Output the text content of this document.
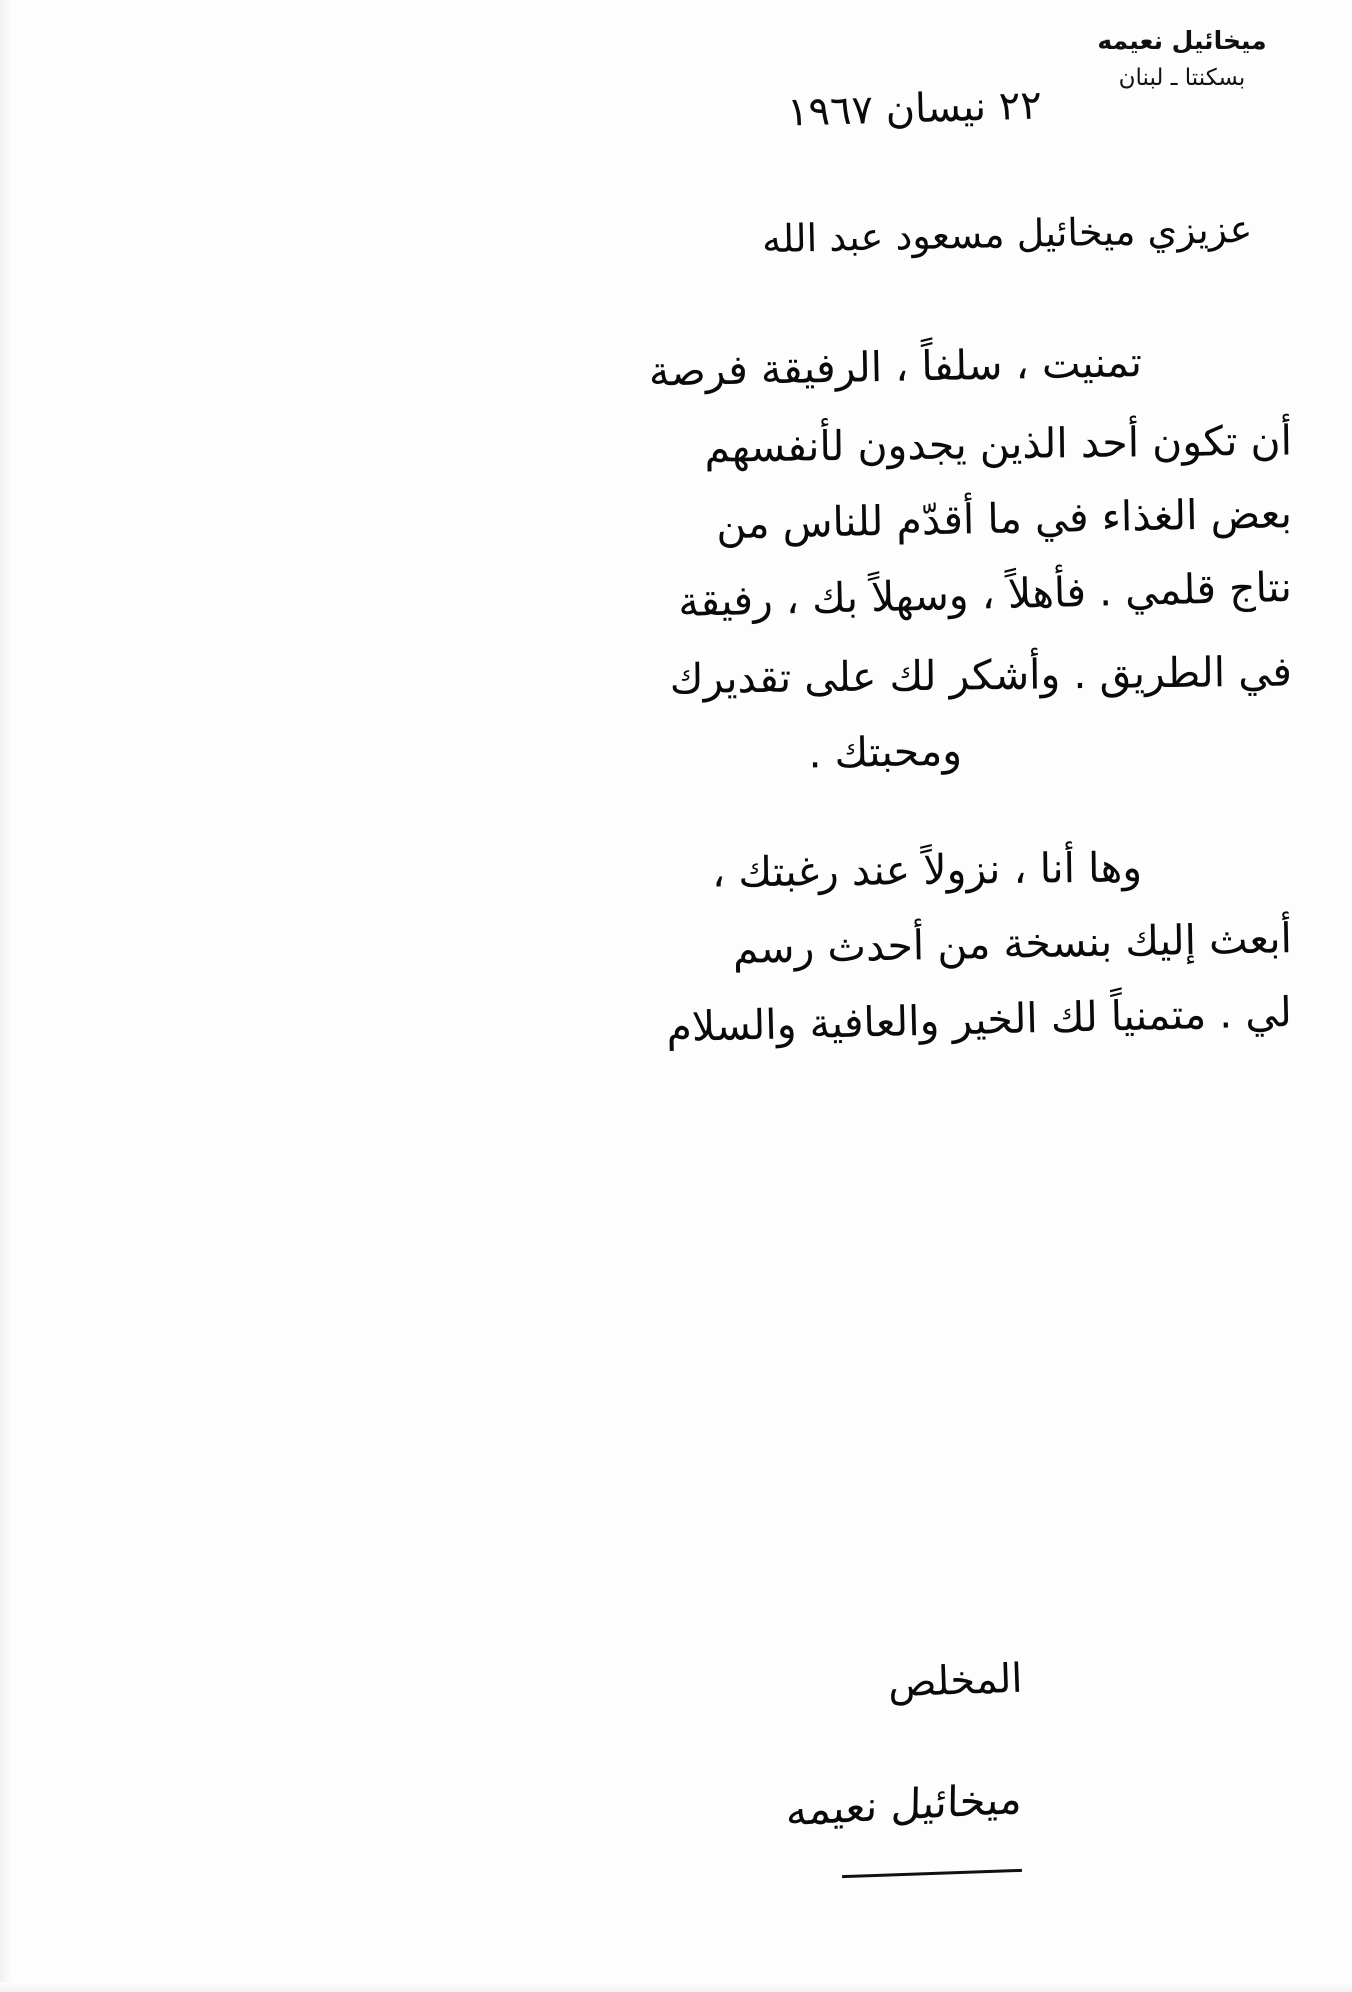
ميخائيل نعيمه
بسكنتا ـ لبنان
٢٢ نيسان ١٩٦٧
عزيزي ميخائيل مسعود عبد الله
تمنيت ، سلفاً ، الرفيقة فرصة
أن تكون أحد الذين يجدون لأنفسهم
بعض الغذاء في ما أقدّم للناس من
نتاج قلمي . فأهلاً ، وسهلاً بك ، رفيقة
في الطريق . وأشكر لك على تقديرك
ومحبتك .
وها أنا ، نزولاً عند رغبتك ،
أبعث إليك بنسخة من أحدث رسم
لي . متمنياً لك الخير والعافية والسلام
المخلص
ميخائيل نعيمه
